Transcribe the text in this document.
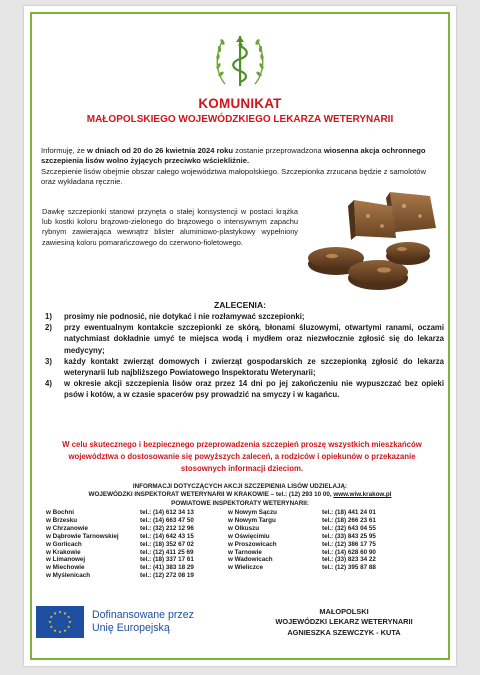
KOMUNIKAT
MAŁOPOLSKIEGO WOJEWÓDZKIEGO LEKARZA WETERYNARII
Informuję, że w dniach od 20 do 26 kwietnia 2024 roku zostanie przeprowadzona wiosenna akcja ochronnego szczepienia lisów wolno żyjących przeciwko wściekliźnie.
Szczepienie lisów obejmie obszar całego województwa małopolskiego. Szczepionka zrzucana będzie z samolotów oraz wykładana ręcznie.
Dawkę szczepionki stanowi przynęta o stałej konsystencji w postaci krążka lub kostki koloru brązowo-zielonego do brązowego o intensywnym zapachu rybnym zawierająca wewnątrz blister aluminiowo-plastykowy wypełniony zawiesiną koloru pomarańczowego do czerwono-fioletowego.
ZALECENIA:
1) prosimy nie podnosić, nie dotykać i nie rozłamywać szczepionki;
2) przy ewentualnym kontakcie szczepionki ze skórą, błonami śluzowymi, otwartymi ranami, oczami natychmiast dokładnie umyć te miejsca wodą i mydłem oraz niezwłocznie zgłosić się do lekarza medycyny;
3) każdy kontakt zwierząt domowych i zwierząt gospodarskich ze szczepionką zgłosić do lekarza weterynarii lub najbliższego Powiatowego Inspektoratu Weterynarii;
4) w okresie akcji szczepienia lisów oraz przez 14 dni po jej zakończeniu nie wypuszczać bez opieki psów i kotów, a w czasie spacerów psy prowadzić na smyczy i w kagańcu.
W celu skutecznego i bezpiecznego przeprowadzenia szczepień proszę wszystkich mieszkańców województwa o dostosowanie się powyższych zaleceń, a rodziców i opiekunów o przekazanie stosownych informacji dzieciom.
INFORMACJI DOTYCZĄCYCH AKCJI SZCZEPIENIA LISÓW UDZIELAJĄ:
WOJEWÓDZKI INSPEKTORAT WETERYNARII W KRAKOWIE – tel.: (12) 293 10 00, www.wiw.krakow.pl
POWIATOWE INSPEKTORATY WETERYNARII:
w Bochni	tel.: (14) 612 34 13	w Nowym Sączu	tel.: (18) 441 24 01
w Brzesku	tel.: (14) 663 47 50	w Nowym Targu	tel.: (18) 266 23 61
w Chrzanowie	tel.: (32) 212 12 96	w Olkuszu	tel.: (32) 643 04 55
w Dąbrowie Tarnowskiej	tel.: (14) 642 43 15	w Oświęcimiu	tel.: (33) 843 25 95
w Gorlicach	tel.: (18) 352 67 02	w Proszowicach	tel.: (12) 386 17 75
w Krakowie	tel.: (12) 411 25 69	w Tarnowie	tel.: (14) 628 60 90
w Limanowej	tel.: (18) 337 17 61	w Wadowicach	tel.: (33) 823 34 22
w Miechowie	tel.: (41) 383 18 29	w Wieliczce	tel.: (12) 395 87 88
w Myślenicach	tel.: (12) 272 08 19		
Dofinansowane przez
Unię Europejską
MAŁOPOLSKI
WOJEWÓDZKI LEKARZ WETERYNARII
AGNIESZKA SZEWCZYK - KUTA
